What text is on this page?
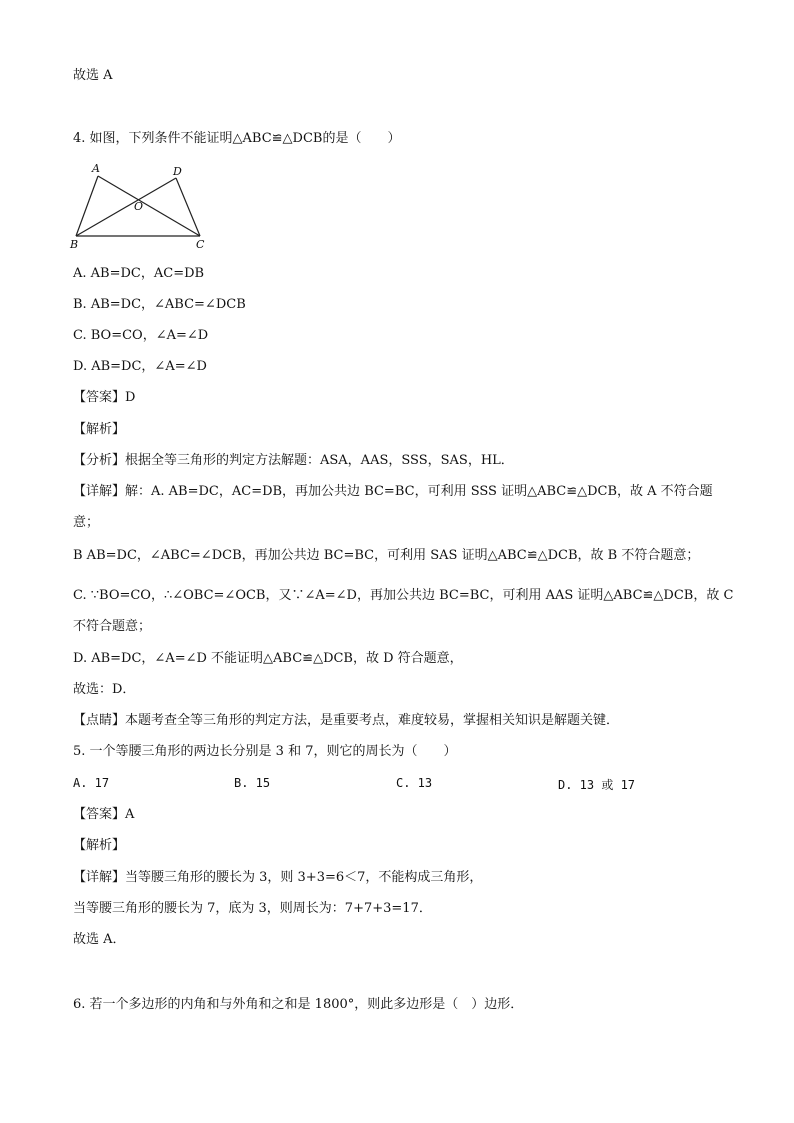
故选 A
4. 如图，下列条件不能证明△ABC≌△DCB的是（　　）
A	D
O
B	C
A. AB=DC，AC=DB
B. AB=DC，∠ABC=∠DCB
C. BO=CO，∠A=∠D
D. AB=DC，∠A=∠D
【答案】D
【解析】
【分析】根据全等三角形的判定方法解题：ASA，AAS，SSS，SAS，HL．
【详解】解：A. AB=DC，AC=DB，再加公共边 BC=BC，可利用 SSS 证明△ABC≌△DCB，故 A 不符合题
意；
B AB=DC，∠ABC=∠DCB，再加公共边 BC=BC，可利用 SAS 证明△ABC≌△DCB，故 B 不符合题意；
C. ∵BO=CO，∴∠OBC=∠OCB，又∵∠A=∠D，再加公共边 BC=BC，可利用 AAS 证明△ABC≌△DCB，故 C
不符合题意；
D. AB=DC，∠A=∠D 不能证明△ABC≌△DCB，故 D 符合题意，
故选：D．
【点睛】本题考查全等三角形的判定方法，是重要考点，难度较易，掌握相关知识是解题关键．
5. 一个等腰三角形的两边长分别是 3 和 7，则它的周长为（　　）
A. 17	B. 15	C. 13	D. 13 或 17
【答案】A
【解析】
【详解】当等腰三角形的腰长为 3，则 3+3=6＜7，不能构成三角形，
当等腰三角形的腰长为 7，底为 3，则周长为：7+7+3=17．
故选 A．
6. 若一个多边形的内角和与外角和之和是 1800°，则此多边形是（　）边形．
